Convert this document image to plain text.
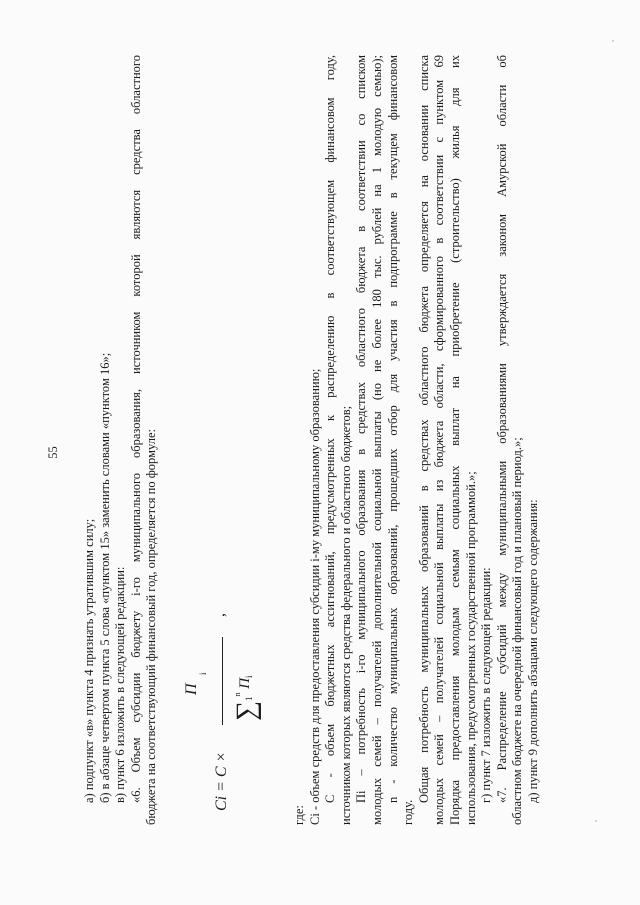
55
а) подпункт «в» пункта 4 признать утратившим силу; б) в абзаце четвертом пункта 5 слова «пунктом 15» заменить словами «пунктом 16»; в) пункт 6 изложить в следующей редакции: «6. Объем субсидии бюджету i-го муниципального образования, источником которой являются средства областного бюджета на соответствующий финансовый год, определяется по формуле:	Ci = C ×
П
i
$\sum_1^n$ $П_i$
,
где: Ci - объем средств для предоставления субсидии i-му муниципальному образованию; С - объем бюджетных ассигнований, предусмотренных к распределению в соответствующем финансовом году, источником которых являются средства федерального и областного бюджетов; Пi – потребность i-го муниципального образования в средствах областного бюджета в соответствии со списком молодых семей – получателей дополнительной социальной выплаты (но не более 180 тыс. рублей на 1 молодую семью); n - количество муниципальных образований, прошедших отбор для участия в подпрограмме в текущем финансовом
году.
Общая потребность муниципальных образований в средствах областного бюджета определяется на основании списка молодых семей – получателей социальной выплаты из бюджета области, сформированного в соответствии с пунктом 69 Порядка предоставления молодым семьям социальных выплат на приобретение (строительство) жилья для их использования, предусмотренных государственной программой.»; г) пункт 7 изложить в следующей редакции: «7. Распределение субсидий между муниципальными образованиями утверждается законом Амурской области об областном бюджете на очередной финансовый год и плановый период.»; д) пункт 9 дополнить абзацами следующего содержания:
